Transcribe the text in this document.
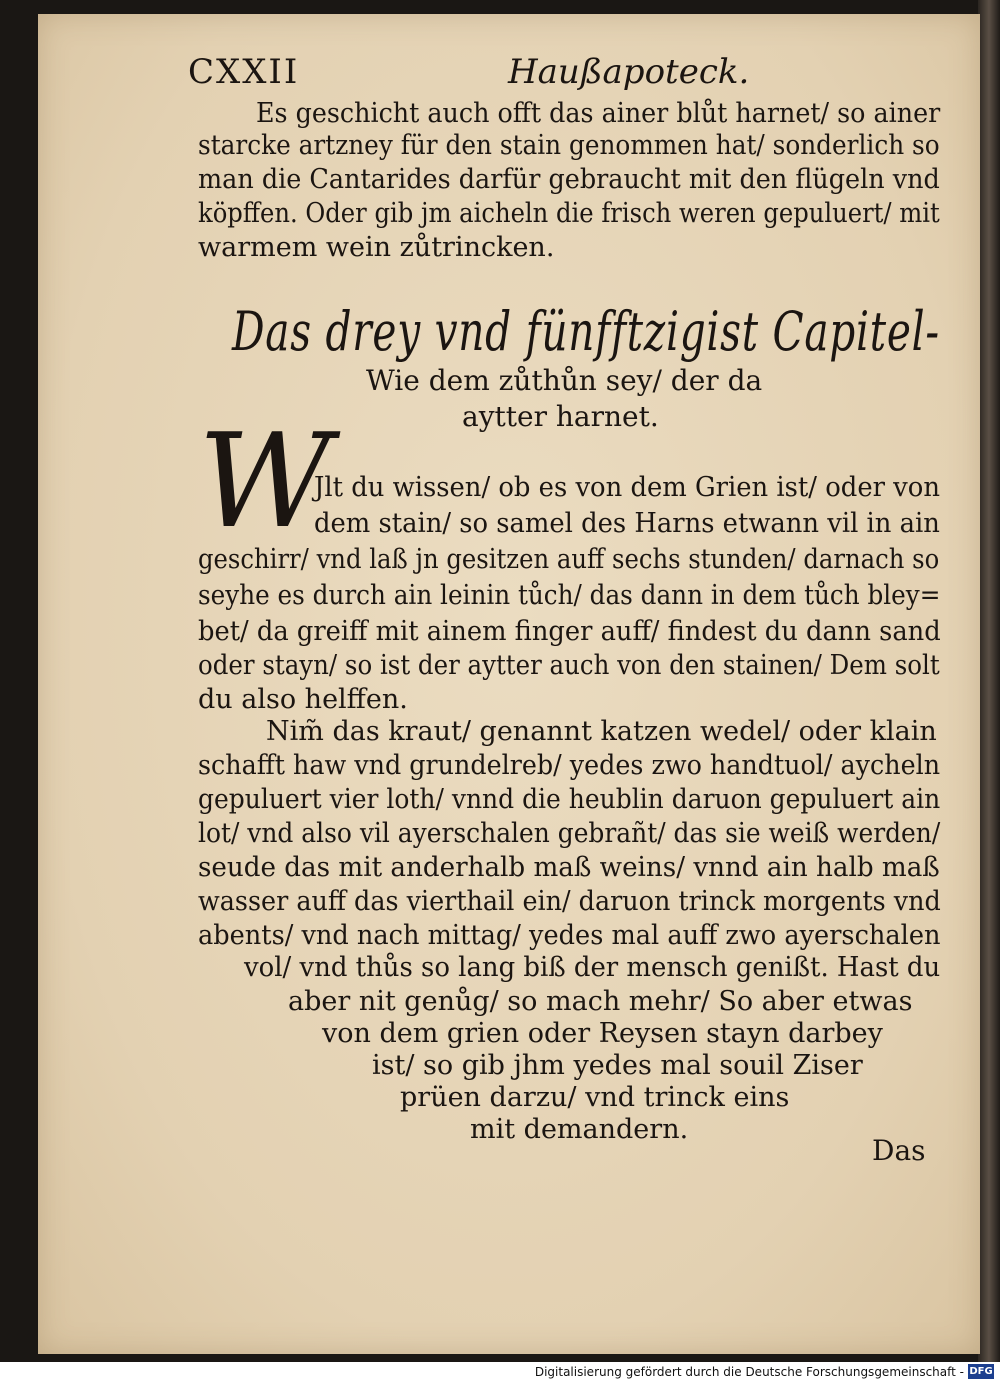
CXXII	Haußapoteck.
Es geschicht auch offt das ainer blůt harnet/ so ainer
starcke artzney für den stain genommen hat/ sonderlich so
man die Cantarides darfür gebraucht mit den flügeln vnd
köpffen. Oder gib jm aicheln die frisch weren gepuluert/ mit
warmem wein zůtrincken.
Das drey vnd fünfftzigist Capitel-
Wie dem zůthůn sey/ der da
aytter harnet.
W
Jlt du wissen/ ob es von dem Grien ist/ oder von
dem stain/ so samel des Harns etwann vil in ain
geschirr/ vnd laß jn gesitzen auff sechs stunden/ darnach so
seyhe es durch ain leinin tůch/ das dann in dem tůch bley=
bet/ da greiff mit ainem finger auff/ findest du dann sand
oder stayn/ so ist der aytter auch von den stainen/ Dem solt
du also helffen.
Nim̃ das kraut/ genannt katzen wedel/ oder klain
schafft haw vnd grundelreb/ yedes zwo handtuol/ aycheln
gepuluert vier loth/ vnnd die heublin daruon gepuluert ain
lot/ vnd also vil ayerschalen gebrañt/ das sie weiß werden/
seude das mit anderhalb maß weins/ vnnd ain halb maß
wasser auff das vierthail ein/ daruon trinck morgents vnd
abents/ vnd nach mittag/ yedes mal auff zwo ayerschalen
vol/ vnd thůs so lang biß der mensch genißt. Hast du
aber nit genůg/ so mach mehr/ So aber etwas
von dem grien oder Reysen stayn darbey
ist/ so gib jhm yedes mal souil Ziser
prüen darzu/ vnd trinck eins
mit demandern.
Das
Digitalisierung gefördert durch die Deutsche Forschungsgemeinschaft - DFG
